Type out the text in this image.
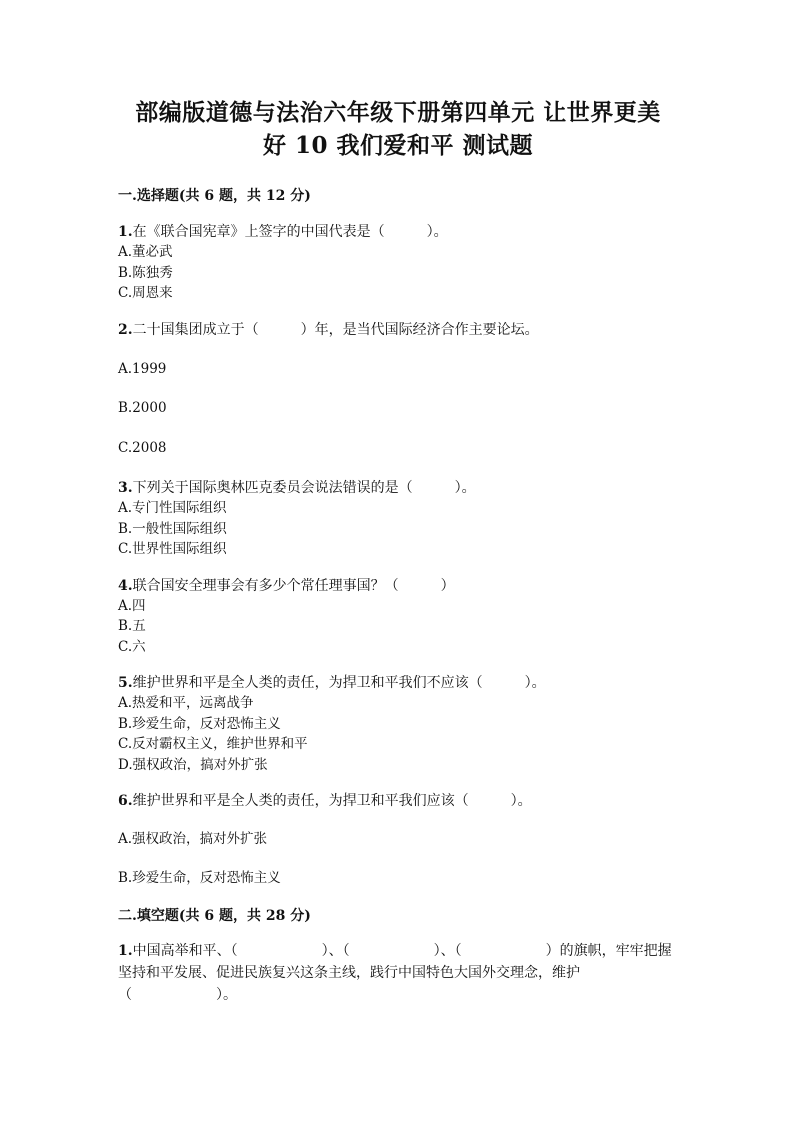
部编版道德与法治六年级下册第四单元 让世界更美
好 10 我们爱和平 测试题
一.选择题(共 6 题，共 12 分)
1.在《联合国宪章》上签字的中国代表是（　　　）。
A.董必武
B.陈独秀
C.周恩来
2.二十国集团成立于（　　　）年，是当代国际经济合作主要论坛。
A.1999
B.2000
C.2008
3.下列关于国际奥林匹克委员会说法错误的是（　　　）。
A.专门性国际组织
B.一般性国际组织
C.世界性国际组织
4.联合国安全理事会有多少个常任理事国？（　　　）
A.四
B.五
C.六
5.维护世界和平是全人类的责任，为捍卫和平我们不应该（　　　）。
A.热爱和平，远离战争
B.珍爱生命，反对恐怖主义
C.反对霸权主义，维护世界和平
D.强权政治，搞对外扩张
6.维护世界和平是全人类的责任，为捍卫和平我们应该（　　　）。
A.强权政治，搞对外扩张
B.珍爱生命，反对恐怖主义
二.填空题(共 6 题，共 28 分)
1.中国高举和平、（　　　　　　）、（　　　　　　）、（　　　　　　）的旗帜，牢牢把握坚持和平发展、促进民族复兴这条主线，践行中国特色大国外交理念，维护（　　　　　　）。
